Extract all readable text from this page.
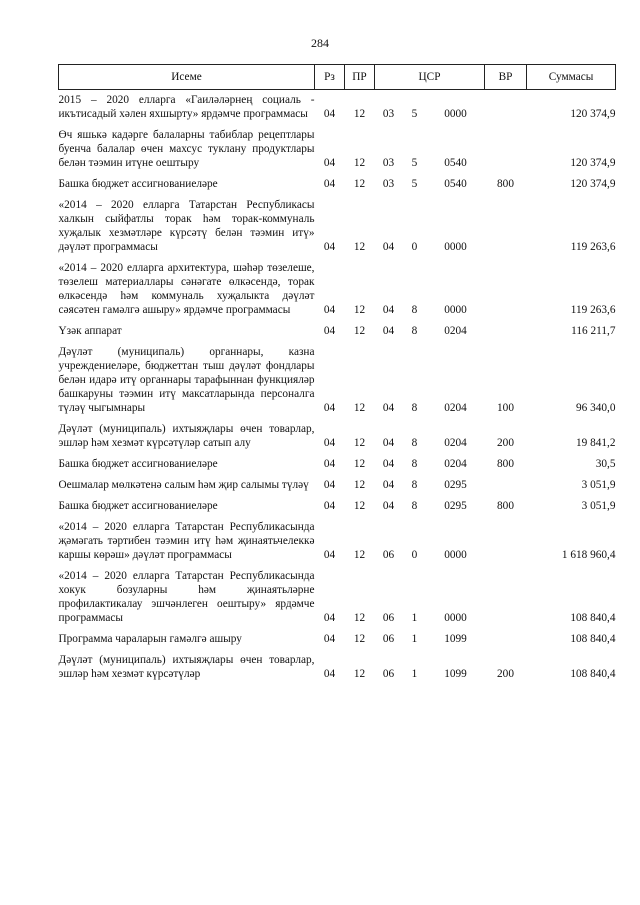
284
Исеме	Рз	ПР	ЦСР			ВР	Суммасы
2015 – 2020 елларга «Гаиләләрнең социаль - икътисадый хәлен яхшырту» ярдәмче программасы	04	12	03	5	0000		120 374,9
Өч яшькә кадәрге балаларны табиблар рецептлары буенча балалар өчен махсус туклану продуктлары белән тәэмин итүне оештыру	04	12	03	5	0540		120 374,9
Башка бюджет ассигнованиеләре	04	12	03	5	0540	800	120 374,9
«2014 – 2020 елларга Татарстан Республикасы халкын сыйфатлы торак һәм торак-коммуналь хуҗалык хезмәтләре күрсәтү белән тәэмин итү» дәүләт программасы	04	12	04	0	0000		119 263,6
«2014 – 2020 елларга архитектура, шәһәр төзелеше, төзелеш материаллары сәнәгате өлкәсендә, торак өлкәсендә һәм коммуналь хуҗалыкта дәүләт сәясәтен гамәлгә ашыру» ярдәмче программасы	04	12	04	8	0000		119 263,6
Үзәк аппарат	04	12	04	8	0204		116 211,7
Дәүләт (муниципаль) органнары, казна учреждениеләре, бюджеттан тыш дәүләт фондлары белән идарә итү органнары тарафыннан функцияләр башкаруны тәэмин итү максатларында персоналга түләү чыгымнары	04	12	04	8	0204	100	96 340,0
Дәүләт (муниципаль) ихтыяҗлары өчен товарлар, эшләр һәм хезмәт күрсәтүләр сатып алу	04	12	04	8	0204	200	19 841,2
Башка бюджет ассигнованиеләре	04	12	04	8	0204	800	30,5
Оешмалар мөлкәтенә салым һәм җир салымы түләү	04	12	04	8	0295		3 051,9
Башка бюджет ассигнованиеләре	04	12	04	8	0295	800	3 051,9
«2014 – 2020 елларга Татарстан Республикасында җәмәгать тәртибен тәэмин итү һәм җинаятьчелеккә каршы көрәш» дәүләт программасы	04	12	06	0	0000		1 618 960,4
«2014 – 2020 елларга Татарстан Республикасында хокук бозуларны һәм җинаятьләрне профилактикалау эшчәнлеген оештыру» ярдәмче программасы	04	12	06	1	0000		108 840,4
Программа чараларын гамәлгә ашыру	04	12	06	1	1099		108 840,4
Дәүләт (муниципаль) ихтыяҗлары өчен товарлар, эшләр һәм хезмәт күрсәтүләр	04	12	06	1	1099	200	108 840,4
